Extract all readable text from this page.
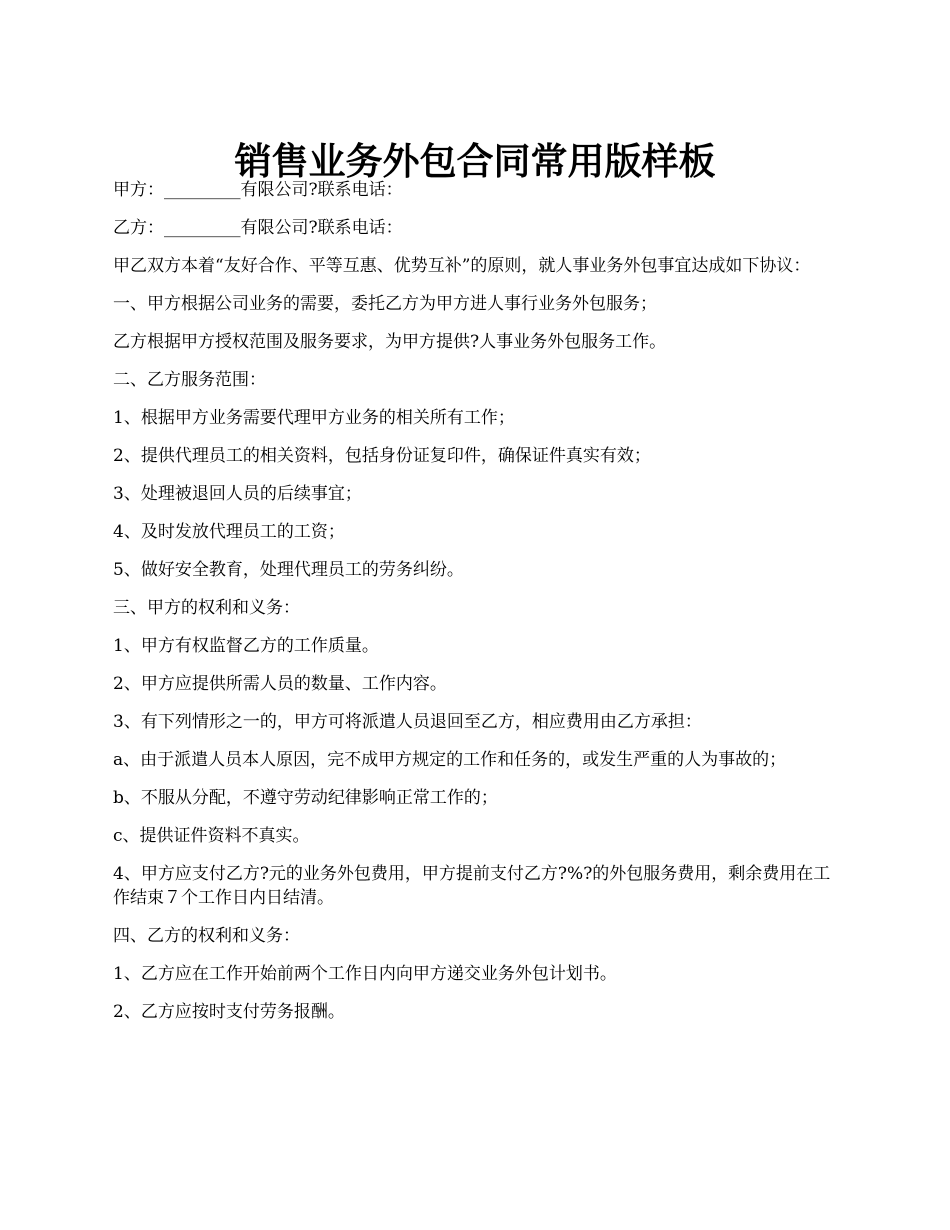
销售业务外包合同常用版样板

甲方：_________有限公司?联系电话：

乙方：_________有限公司?联系电话：

甲乙双方本着“友好合作、平等互惠、优势互补”的原则，就人事业务外包事宜达成如下协议：

一、甲方根据公司业务的需要，委托乙方为甲方进人事行业务外包服务；

乙方根据甲方授权范围及服务要求，为甲方提供?人事业务外包服务工作。

二、乙方服务范围：

1、根据甲方业务需要代理甲方业务的相关所有工作；

2、提供代理员工的相关资料，包括身份证复印件，确保证件真实有效；

3、处理被退回人员的后续事宜；

4、及时发放代理员工的工资；

5、做好安全教育，处理代理员工的劳务纠纷。

三、甲方的权利和义务：

1、甲方有权监督乙方的工作质量。

2、甲方应提供所需人员的数量、工作内容。

3、有下列情形之一的，甲方可将派遣人员退回至乙方，相应费用由乙方承担：

a、由于派遣人员本人原因，完不成甲方规定的工作和任务的，或发生严重的人为事故的；

b、不服从分配，不遵守劳动纪律影响正常工作的；

c、提供证件资料不真实。

4、甲方应支付乙方?元的业务外包费用，甲方提前支付乙方?%?的外包服务费用，剩余费用在工作结束７个工作日内日结清。

四、乙方的权利和义务：

1、乙方应在工作开始前两个工作日内向甲方递交业务外包计划书。

2、乙方应按时支付劳务报酬。
